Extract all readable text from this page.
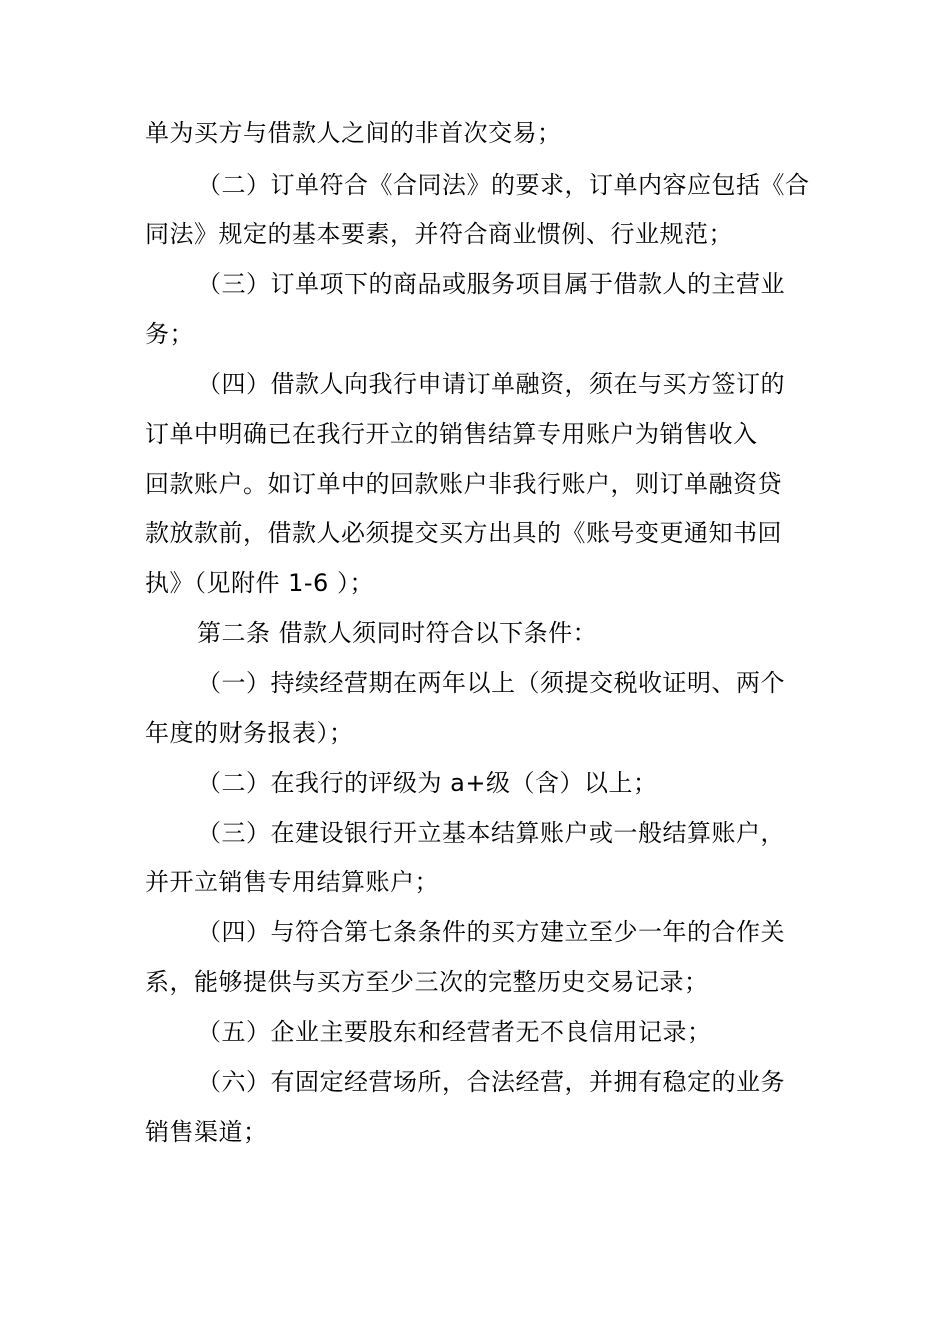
单为买方与借款人之间的非首次交易；
（二）订单符合《合同法》的要求，订单内容应包括《合
同法》规定的基本要素，并符合商业惯例、行业规范；
（三）订单项下的商品或服务项目属于借款人的主营业
务；
（四）借款人向我行申请订单融资，须在与买方签订的
订单中明确已在我行开立的销售结算专用账户为销售收入
回款账户。如订单中的回款账户非我行账户，则订单融资贷
款放款前，借款人必须提交买方出具的《账号变更通知书回
执》（见附件 1-6 ）；
第二条 借款人须同时符合以下条件：
（一）持续经营期在两年以上（须提交税收证明、两个
年度的财务报表）；
（二）在我行的评级为 a+级（含）以上；
（三）在建设银行开立基本结算账户或一般结算账户，
并开立销售专用结算账户；
（四）与符合第七条条件的买方建立至少一年的合作关
系，能够提供与买方至少三次的完整历史交易记录；
（五）企业主要股东和经营者无不良信用记录；
（六）有固定经营场所，合法经营，并拥有稳定的业务
销售渠道；
